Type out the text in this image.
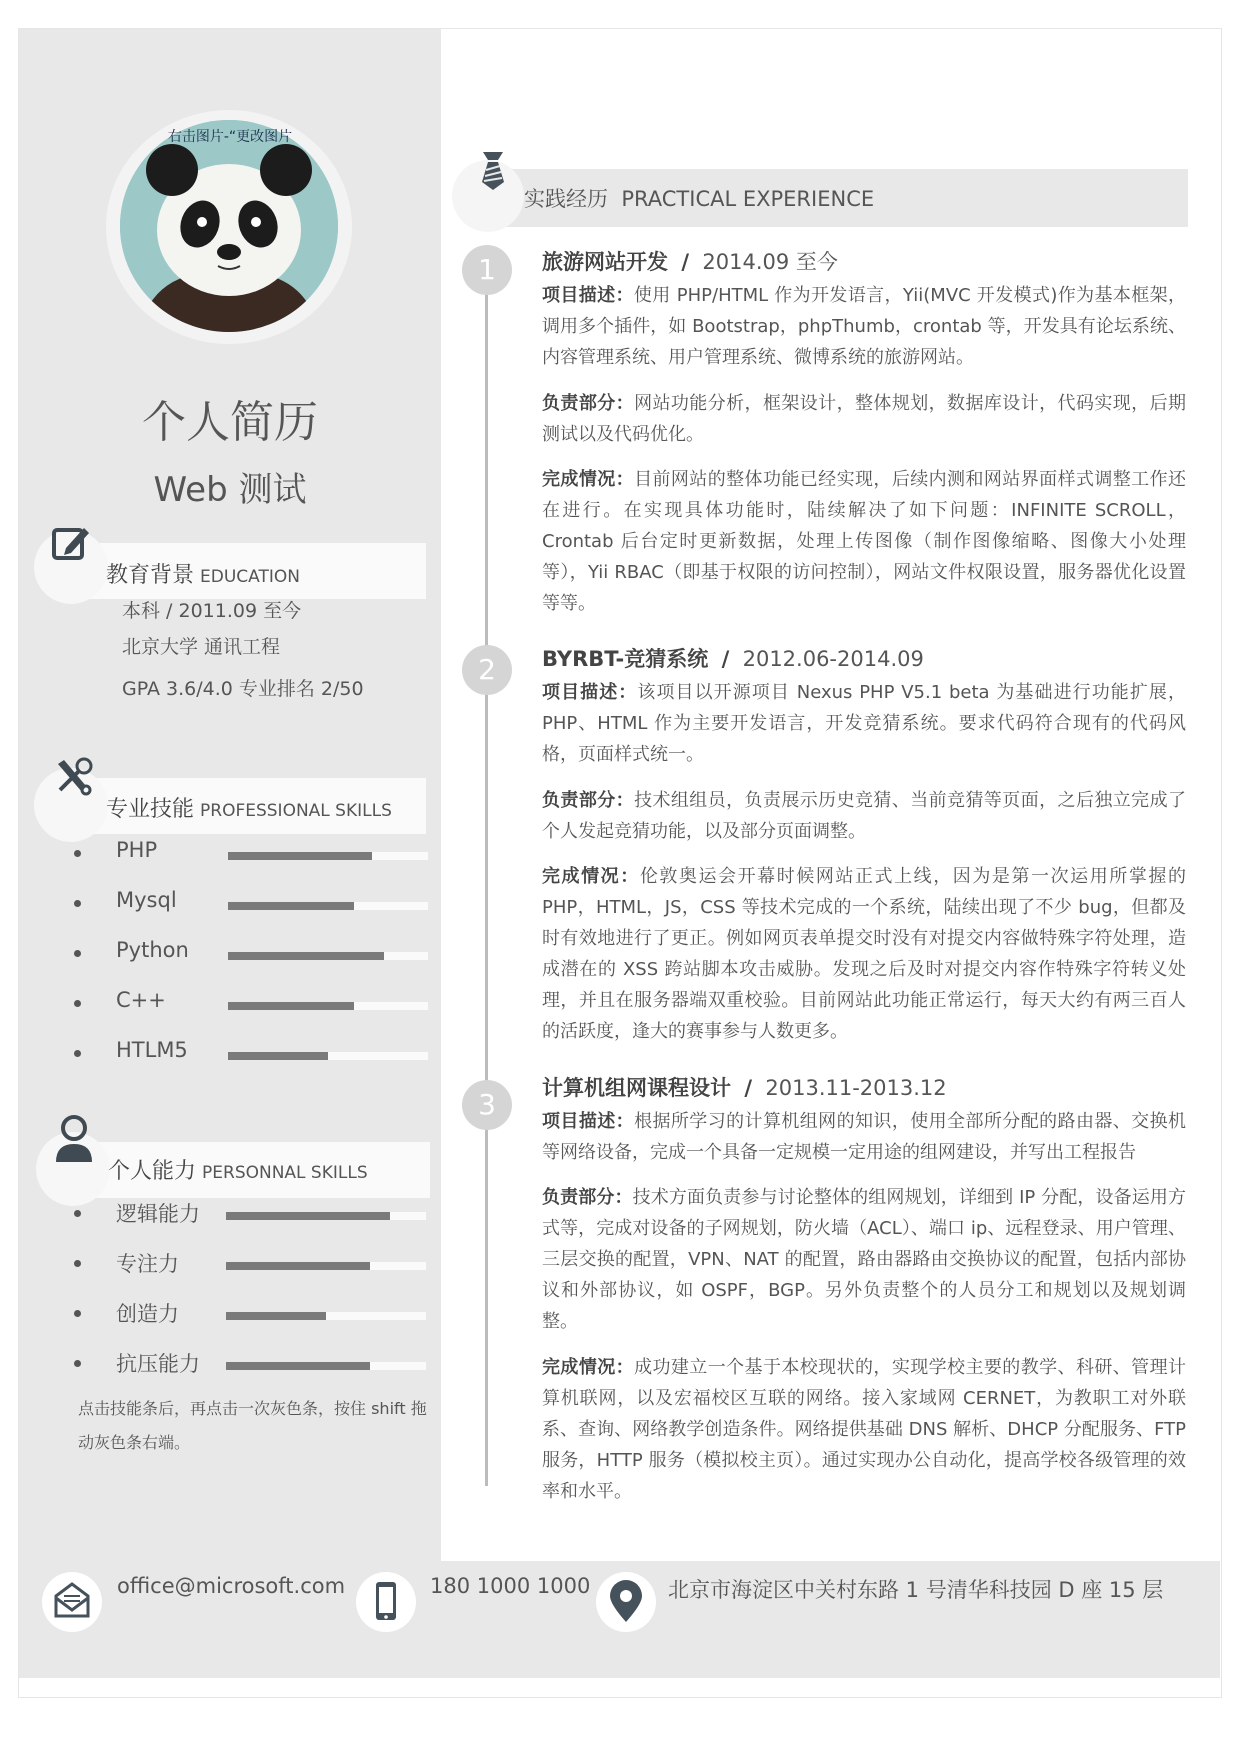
右击图片-“更改图片
个人简历
Web 测试
教育背景 EDUCATION
本科 / 2011.09 至今
北京大学 通讯工程
GPA 3.6/4.0 专业排名 2/50
专业技能 PROFESSIONAL SKILLS
PHP
Mysql
Python
C++
HTLM5
个人能力 PERSONNAL SKILLS
逻辑能力
专注力
创造力
抗压能力
点击技能条后，再点击一次灰色条，按住 shift 拖动灰色条右端。
实践经历 PRACTICAL EXPERIENCE
1	旅游网站开发 / 2014.09 至今
项目描述：使用 PHP/HTML 作为开发语言，Yii(MVC 开发模式)作为基本框架，调用多个插件，如 Bootstrap，phpThumb，crontab 等，开发具有论坛系统、内容管理系统、用户管理系统、微博系统的旅游网站。
负责部分：网站功能分析，框架设计，整体规划，数据库设计，代码实现，后期测试以及代码优化。
完成情况：目前网站的整体功能已经实现，后续内测和网站界面样式调整工作还在进行。在实现具体功能时，陆续解决了如下问题：INFINITE SCROLL，Crontab 后台定时更新数据，处理上传图像（制作图像缩略、图像大小处理等），Yii RBAC（即基于权限的访问控制），网站文件权限设置，服务器优化设置等等。
2	BYRBT-竞猜系统 / 2012.06-2014.09
项目描述：该项目以开源项目 Nexus PHP V5.1 beta 为基础进行功能扩展，PHP、HTML 作为主要开发语言，开发竞猜系统。要求代码符合现有的代码风格，页面样式统一。
负责部分：技术组组员，负责展示历史竞猜、当前竞猜等页面，之后独立完成了个人发起竞猜功能，以及部分页面调整。
完成情况：伦敦奥运会开幕时候网站正式上线，因为是第一次运用所掌握的 PHP，HTML，JS，CSS 等技术完成的一个系统，陆续出现了不少 bug，但都及时有效地进行了更正。例如网页表单提交时没有对提交内容做特殊字符处理，造成潜在的 XSS 跨站脚本攻击威胁。发现之后及时对提交内容作特殊字符转义处理，并且在服务器端双重校验。目前网站此功能正常运行，每天大约有两三百人的活跃度，逢大的赛事参与人数更多。
3	计算机组网课程设计 / 2013.11-2013.12
项目描述：根据所学习的计算机组网的知识，使用全部所分配的路由器、交换机等网络设备，完成一个具备一定规模一定用途的组网建设，并写出工程报告
负责部分：技术方面负责参与讨论整体的组网规划，详细到 IP 分配，设备运用方式等，完成对设备的子网规划，防火墙（ACL）、端口 ip、远程登录、用户管理、三层交换的配置，VPN、NAT 的配置，路由器路由交换协议的配置，包括内部协议和外部协议，如 OSPF，BGP。另外负责整个的人员分工和规划以及规划调整。
完成情况：成功建立一个基于本校现状的，实现学校主要的教学、科研、管理计算机联网，以及宏福校区互联的网络。接入家域网 CERNET，为教职工对外联系、查询、网络教学创造条件。网络提供基础 DNS 解析、DHCP 分配服务、FTP 服务，HTTP 服务（模拟校主页）。通过实现办公自动化，提高学校各级管理的效率和水平。
office@microsoft.com	180 1000 1000	北京市海淀区中关村东路 1 号清华科技园 D 座 15 层
